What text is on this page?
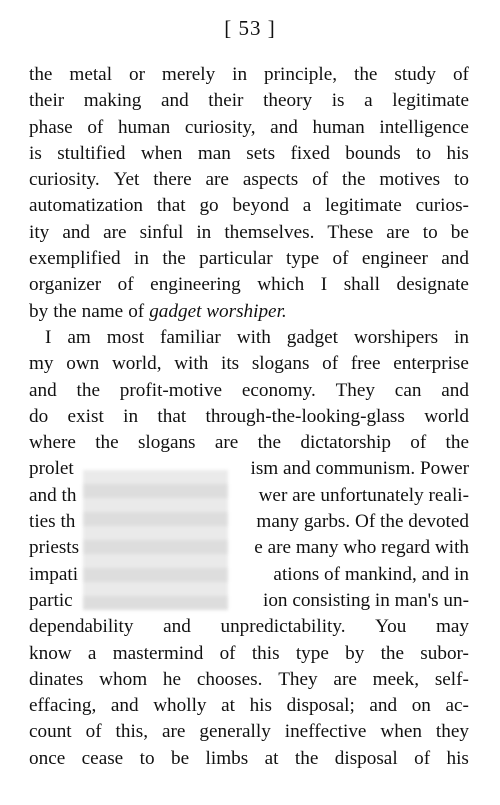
[ 53 ]
the metal or merely in principle, the study of
their making and their theory is a legitimate
phase of human curiosity, and human intelligence
is stultified when man sets fixed bounds to his
curiosity. Yet there are aspects of the motives to
automatization that go beyond a legitimate curios-
ity and are sinful in themselves. These are to be
exemplified in the particular type of engineer and
organizer of engineering which I shall designate
by the name of gadget worshiper.
I am most familiar with gadget worshipers in
my own world, with its slogans of free enterprise
and the profit-motive economy. They can and
do exist in that through-the-looking-glass world
where the slogans are the dictatorship of the
prolet	ism and communism. Power
and th	wer are unfortunately reali-
ties th	many garbs. Of the devoted
priests	e are many who regard with
impati	ations of mankind, and in
partic	ion consisting in man's un-
dependability and unpredictability. You may
know a mastermind of this type by the subor-
dinates whom he chooses. They are meek, self-
effacing, and wholly at his disposal; and on ac-
count of this, are generally ineffective when they
once cease to be limbs at the disposal of his
